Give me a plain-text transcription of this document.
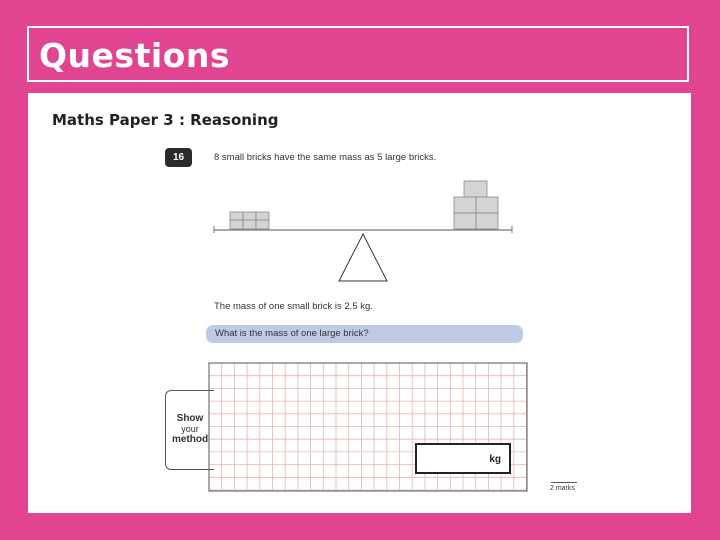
Questions
Maths Paper 3 : Reasoning
16	8 small bricks have the same mass as 5 large bricks.
The mass of one small brick is 2.5 kg.
What is the mass of one large brick?
Show
your
method
kg
2 marks
